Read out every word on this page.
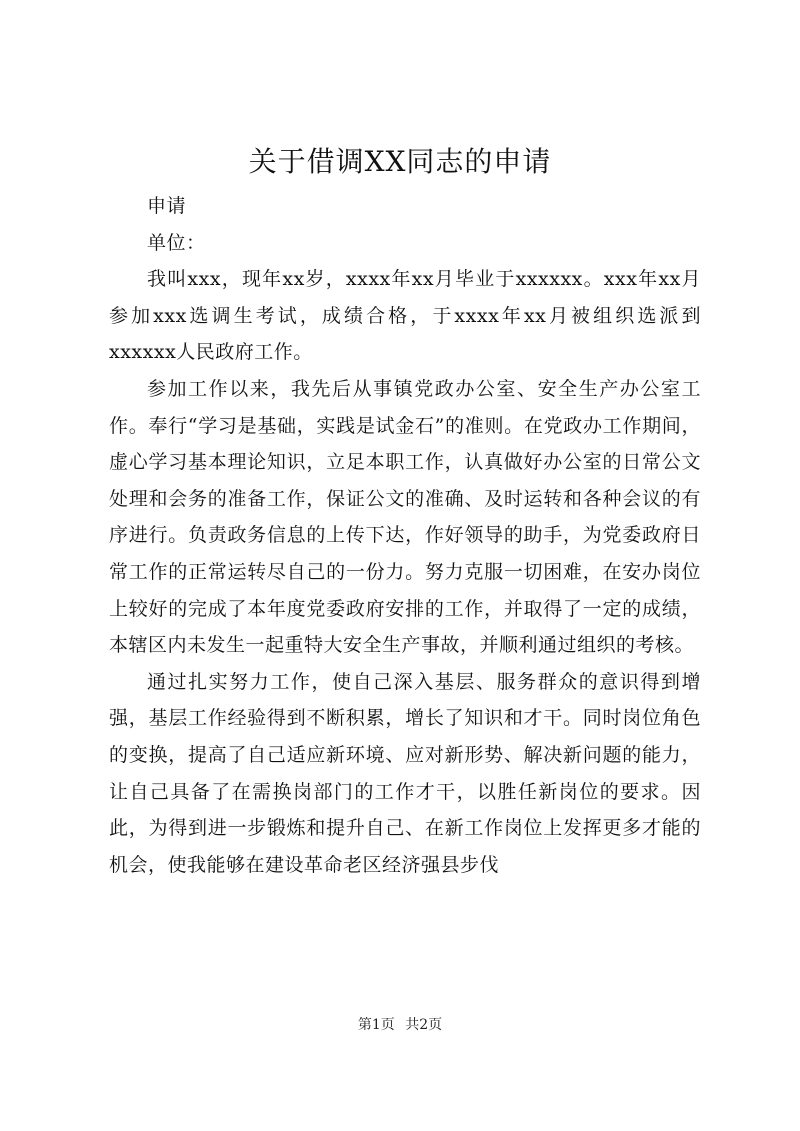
关于借调XX同志的申请

申请

单位：

我叫xxx，现年xx岁，xxxx年xx月毕业于xxxxxx。xxx年xx月参加xxx选调生考试，成绩合格，于xxxx年xx月被组织选派到xxxxxx人民政府工作。

参加工作以来，我先后从事镇党政办公室、安全生产办公室工作。奉行“学习是基础，实践是试金石”的准则。在党政办工作期间，虚心学习基本理论知识，立足本职工作，认真做好办公室的日常公文处理和会务的准备工作，保证公文的准确、及时运转和各种会议的有序进行。负责政务信息的上传下达，作好领导的助手，为党委政府日常工作的正常运转尽自己的一份力。努力克服一切困难，在安办岗位上较好的完成了本年度党委政府安排的工作，并取得了一定的成绩，本辖区内未发生一起重特大安全生产事故，并顺利通过组织的考核。

通过扎实努力工作，使自己深入基层、服务群众的意识得到增强，基层工作经验得到不断积累，增长了知识和才干。同时岗位角色的变换，提高了自己适应新环境、应对新形势、解决新问题的能力，让自己具备了在需换岗部门的工作才干，以胜任新岗位的要求。因此，为得到进一步锻炼和提升自己、在新工作岗位上发挥更多才能的机会，使我能够在建设革命老区经济强县步伐

第1页 共2页
